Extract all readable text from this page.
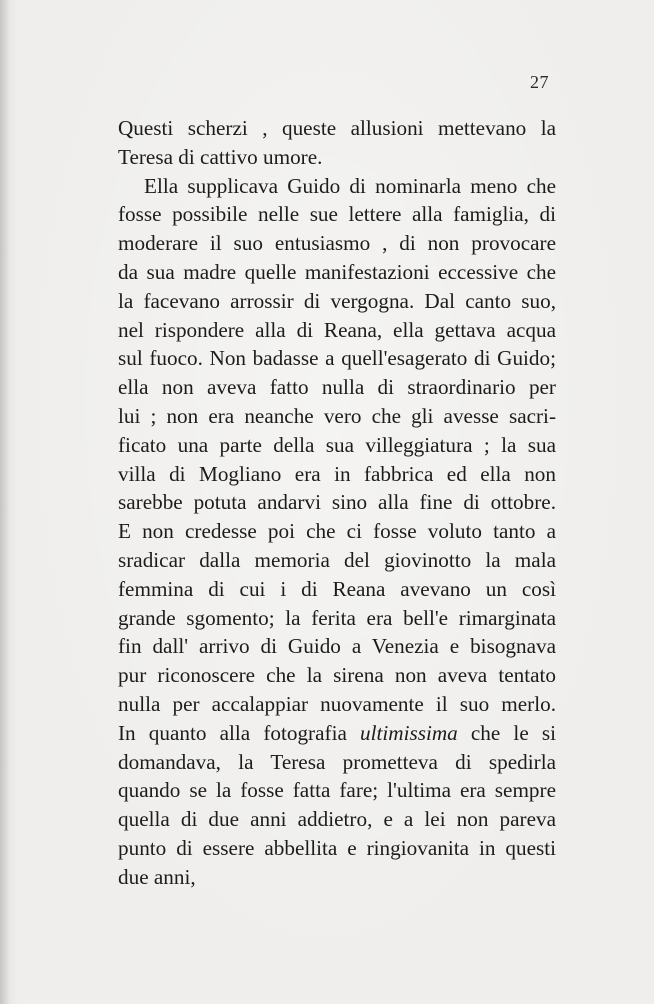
27
Questi scherzi , queste allusioni mettevano la
Teresa di cattivo umore.
Ella supplicava Guido di nominarla meno che
fosse possibile nelle sue lettere alla famiglia, di
moderare il suo entusiasmo , di non provocare
da sua madre quelle manifestazioni eccessive che
la facevano arrossir di vergogna. Dal canto suo,
nel rispondere alla di Reana, ella gettava acqua
sul fuoco. Non badasse a quell'esagerato di Guido;
ella non aveva fatto nulla di straordinario per
lui ; non era neanche vero che gli avesse sacri-
ficato una parte della sua villeggiatura ; la sua
villa di Mogliano era in fabbrica ed ella non
sarebbe potuta andarvi sino alla fine di ottobre.
E non credesse poi che ci fosse voluto tanto a
sradicar dalla memoria del giovinotto la mala
femmina di cui i di Reana avevano un così
grande sgomento; la ferita era bell'e rimarginata
fin dall' arrivo di Guido a Venezia e bisognava
pur riconoscere che la sirena non aveva tentato
nulla per accalappiar nuovamente il suo merlo.
In quanto alla fotografia ultimissima che le si
domandava, la Teresa prometteva di spedirla
quando se la fosse fatta fare; l'ultima era sempre
quella di due anni addietro, e a lei non pareva
punto di essere abbellita e ringiovanita in questi
due anni,
